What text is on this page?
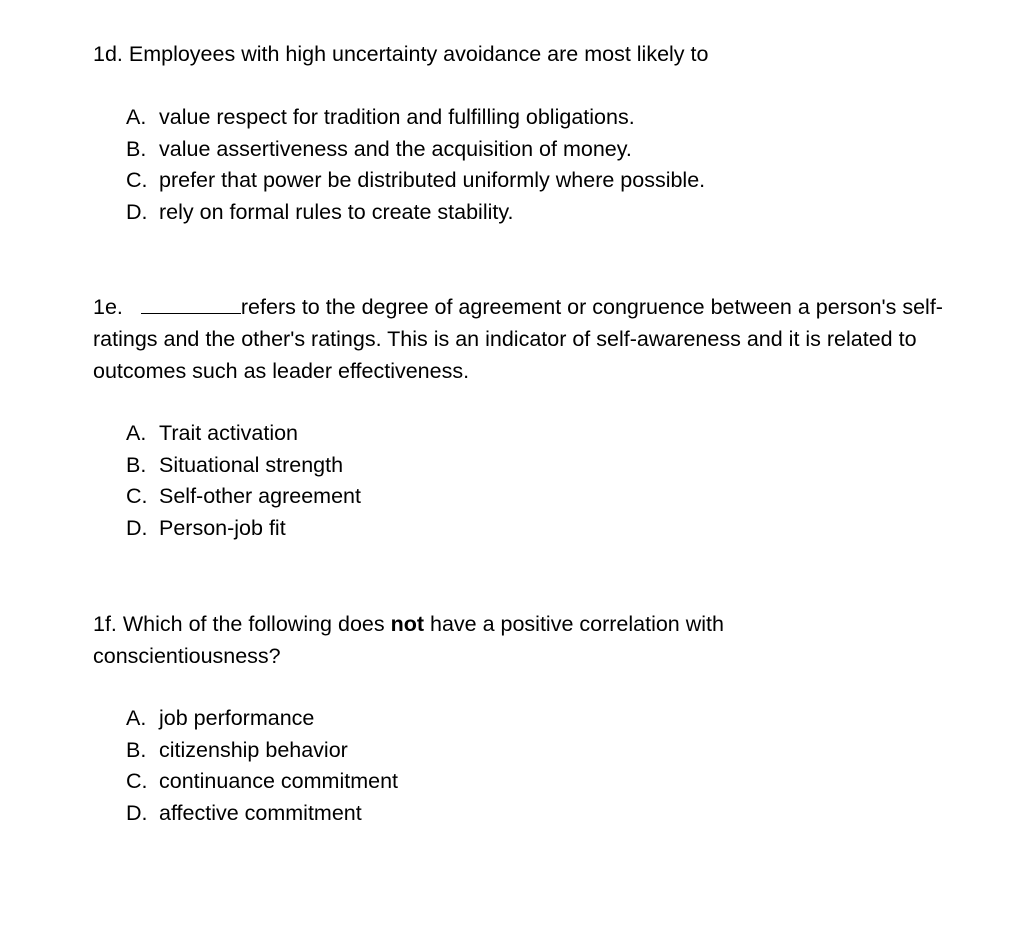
1d. Employees with high uncertainty avoidance are most likely to
A. value respect for tradition and fulfilling obligations.
B. value assertiveness and the acquisition of money.
C. prefer that power be distributed uniformly where possible.
D. rely on formal rules to create stability.
1e.	refers to the degree of agreement or congruence between a person's self-ratings and the other's ratings. This is an indicator of self-awareness and it is related to outcomes such as leader effectiveness.
A. Trait activation
B. Situational strength
C. Self-other agreement
D. Person-job fit
1f. Which of the following does not have a positive correlation with conscientiousness?
A. job performance
B. citizenship behavior
C. continuance commitment
D. affective commitment
